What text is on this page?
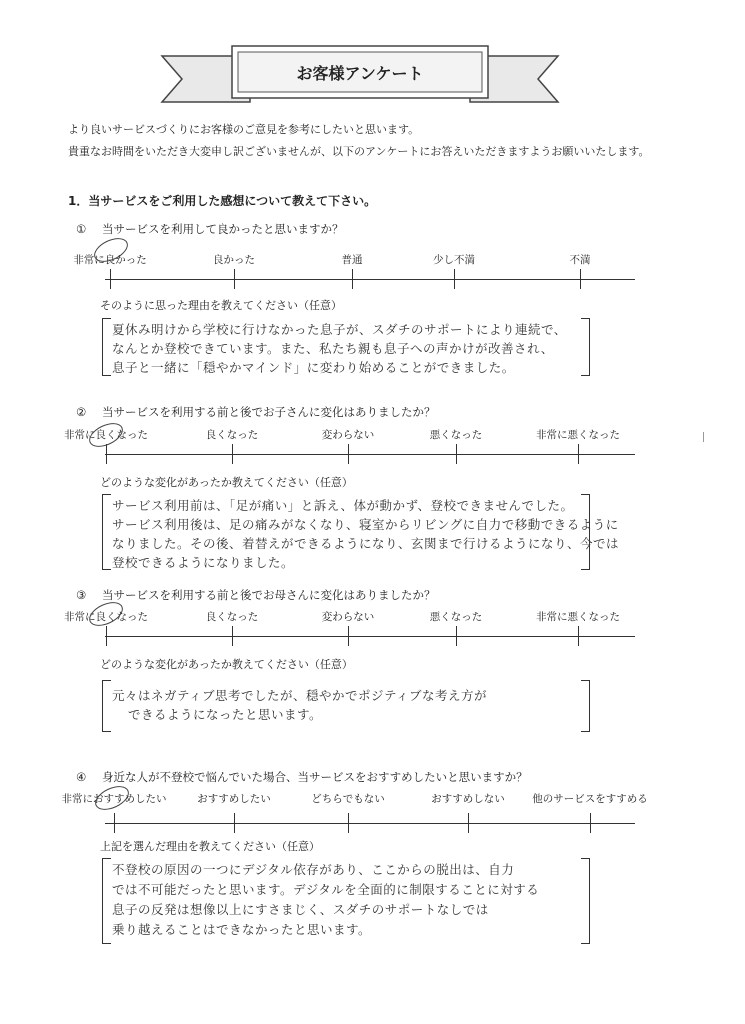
お客様アンケート
より良いサービスづくりにお客様のご意見を参考にしたいと思います。
貴重なお時間をいただき大変申し訳ございませんが、以下のアンケートにお答えいただきますようお願いいたします。
1．当サービスをご利用した感想について教えて下さい。
① 当サービスを利用して良かったと思いますか？
非常に良かった	良かった	普通	少し不満	不満
そのように思った理由を教えてください（任意）
夏休み明けから学校に行けなかった息子が、スダチのサポートにより連続で、
なんとか登校できています。また、私たち親も息子への声かけが改善され、
息子と一緒に「穏やかマインド」に変わり始めることができました。
② 当サービスを利用する前と後でお子さんに変化はありましたか？
非常に良くなった	良くなった	変わらない	悪くなった	非常に悪くなった
どのような変化があったか教えてください（任意）
サービス利用前は、「足が痛い」と訴え、体が動かず、登校できませんでした。
サービス利用後は、足の痛みがなくなり、寝室からリビングに自力で移動できるように
なりました。その後、着替えができるようになり、玄関まで行けるようになり、今では
登校できるようになりました。
③ 当サービスを利用する前と後でお母さんに変化はありましたか？
非常に良くなった	良くなった	変わらない	悪くなった	非常に悪くなった
どのような変化があったか教えてください（任意）
元々はネガティブ思考でしたが、穏やかでポジティブな考え方が
できるようになったと思います。
④ 身近な人が不登校で悩んでいた場合、当サービスをおすすめしたいと思いますか？
非常におすすめしたい	おすすめしたい	どちらでもない	おすすめしない	他のサービスをすすめる
上記を選んだ理由を教えてください（任意）
不登校の原因の一つにデジタル依存があり、ここからの脱出は、自力
では不可能だったと思います。デジタルを全面的に制限することに対する
息子の反発は想像以上にすさまじく、スダチのサポートなしでは
乗り越えることはできなかったと思います。
